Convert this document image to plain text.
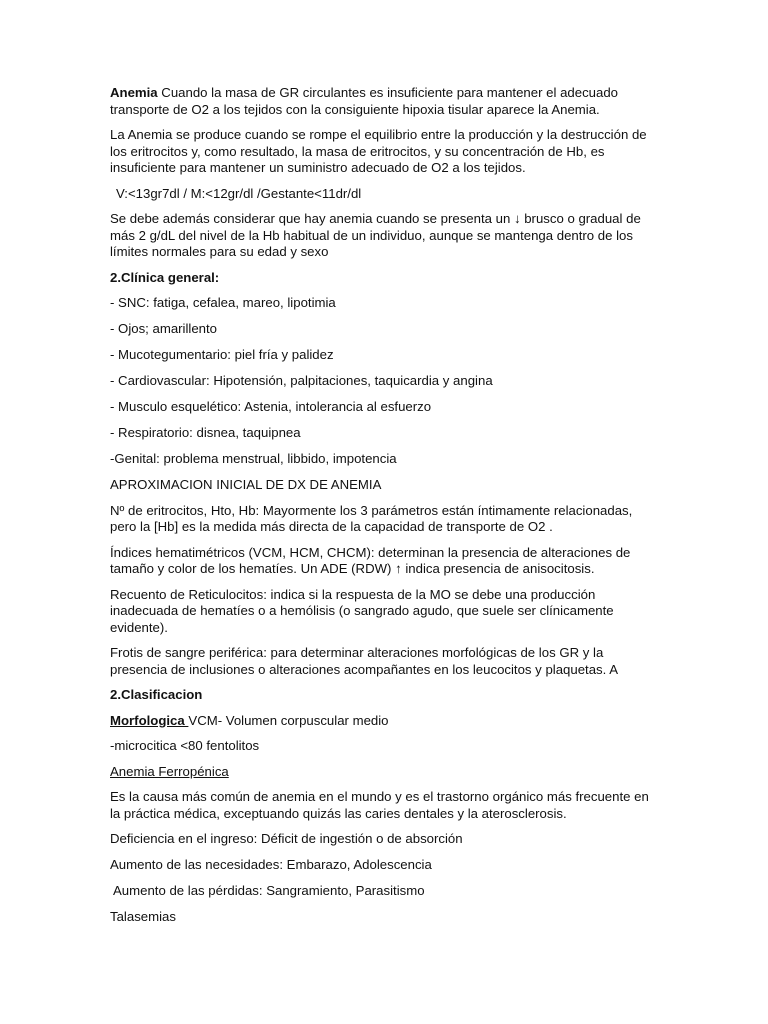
Anemia Cuando la masa de GR circulantes es insuficiente para mantener el adecuado transporte de O2 a los tejidos con la consiguiente hipoxia tisular aparece la Anemia.

La Anemia se produce cuando se rompe el equilibrio entre la producción y la destrucción de los eritrocitos y, como resultado, la masa de eritrocitos, y su concentración de Hb, es insuficiente para mantener un suministro adecuado de O2 a los tejidos.

V:<13gr7dl / M:<12gr/dl /Gestante<11dr/dl

Se debe además considerar que hay anemia cuando se presenta un ↓ brusco o gradual de más 2 g/dL del nivel de la Hb habitual de un individuo, aunque se mantenga dentro de los límites normales para su edad y sexo

2.Clínica general:

- SNC: fatiga, cefalea, mareo, lipotimia

- Ojos; amarillento

- Mucotegumentario: piel fría y palidez

- Cardiovascular: Hipotensión, palpitaciones, taquicardia y angina

- Musculo esquelético: Astenia, intolerancia al esfuerzo

- Respiratorio: disnea, taquipnea

-Genital: problema menstrual, libbido, impotencia

APROXIMACION INICIAL DE DX DE ANEMIA

Nº de eritrocitos, Hto, Hb: Mayormente los 3 parámetros están íntimamente relacionadas, pero la [Hb] es la medida más directa de la capacidad de transporte de O2 .

Índices hematimétricos (VCM, HCM, CHCM): determinan la presencia de alteraciones de tamaño y color de los hematíes. Un ADE (RDW) ↑ indica presencia de anisocitosis.

Recuento de Reticulocitos: indica si la respuesta de la MO se debe una producción inadecuada de hematíes o a hemólisis (o sangrado agudo, que suele ser clínicamente evidente).

Frotis de sangre periférica: para determinar alteraciones morfológicas de los GR y la presencia de inclusiones o alteraciones acompañantes en los leucocitos y plaquetas. A

2.Clasificacion

Morfologica VCM- Volumen corpuscular medio

-microcitica <80 fentolitos

Anemia Ferropénica

Es la causa más común de anemia en el mundo y es el trastorno orgánico más frecuente en la práctica médica, exceptuando quizás las caries dentales y la aterosclerosis.

Deficiencia en el ingreso: Déficit de ingestión o de absorción

Aumento de las necesidades: Embarazo, Adolescencia

Aumento de las pérdidas: Sangramiento, Parasitismo

Talasemias
